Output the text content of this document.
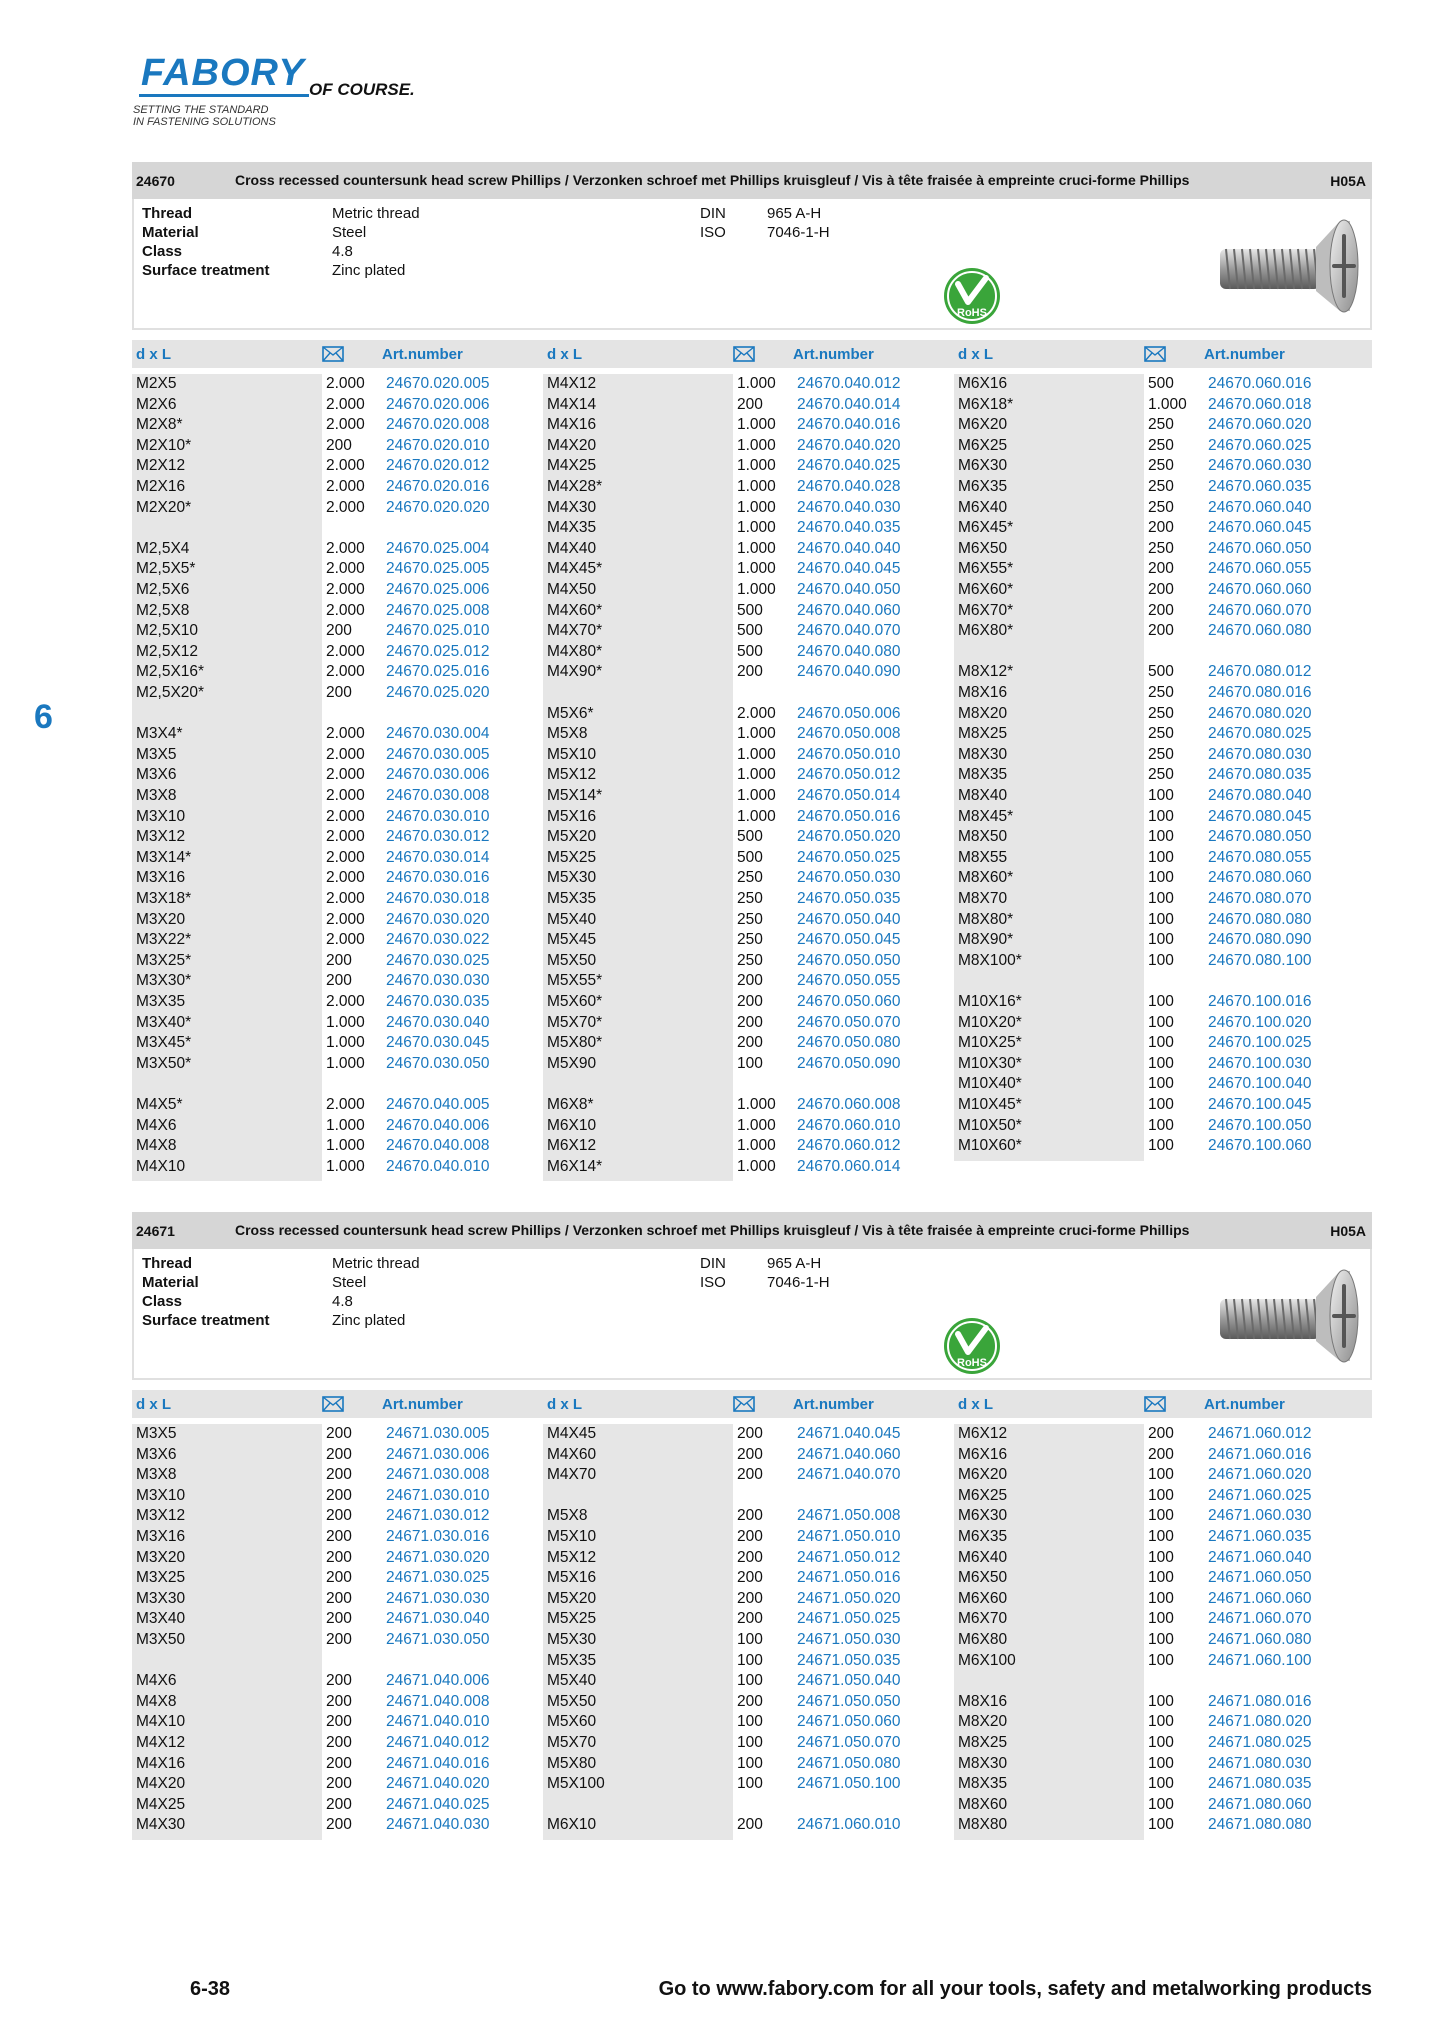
FABORY OF COURSE.
SETTING THE STANDARD
IN FASTENING SOLUTIONS
6
24670	Cross recessed countersunk head screw Phillips / Verzonken schroef met Phillips kruisgleuf / Vis à tête fraisée à empreinte cruci-forme Phillips	H05A
Thread	Metric thread
Material	Steel
Class	4.8
Surface treatment	Zinc plated
DIN	965 A-H
ISO	7046-1-H
RoHS
d x L	Art.number
M2X5	2.000	24670.020.005
M2X6	2.000	24670.020.006
M2X8*	2.000	24670.020.008
M2X10*	200	24670.020.010
M2X12	2.000	24670.020.012
M2X16	2.000	24670.020.016
M2X20*	2.000	24670.020.020
M2,5X4	2.000	24670.025.004
M2,5X5*	2.000	24670.025.005
M2,5X6	2.000	24670.025.006
M2,5X8	2.000	24670.025.008
M2,5X10	200	24670.025.010
M2,5X12	2.000	24670.025.012
M2,5X16*	2.000	24670.025.016
M2,5X20*	200	24670.025.020
M3X4*	2.000	24670.030.004
M3X5	2.000	24670.030.005
M3X6	2.000	24670.030.006
M3X8	2.000	24670.030.008
M3X10	2.000	24670.030.010
M3X12	2.000	24670.030.012
M3X14*	2.000	24670.030.014
M3X16	2.000	24670.030.016
M3X18*	2.000	24670.030.018
M3X20	2.000	24670.030.020
M3X22*	2.000	24670.030.022
M3X25*	200	24670.030.025
M3X30*	200	24670.030.030
M3X35	2.000	24670.030.035
M3X40*	1.000	24670.030.040
M3X45*	1.000	24670.030.045
M3X50*	1.000	24670.030.050
M4X5*	2.000	24670.040.005
M4X6	1.000	24670.040.006
M4X8	1.000	24670.040.008
M4X10	1.000	24670.040.010
d x L	Art.number
M4X12	1.000	24670.040.012
M4X14	200	24670.040.014
M4X16	1.000	24670.040.016
M4X20	1.000	24670.040.020
M4X25	1.000	24670.040.025
M4X28*	1.000	24670.040.028
M4X30	1.000	24670.040.030
M4X35	1.000	24670.040.035
M4X40	1.000	24670.040.040
M4X45*	1.000	24670.040.045
M4X50	1.000	24670.040.050
M4X60*	500	24670.040.060
M4X70*	500	24670.040.070
M4X80*	500	24670.040.080
M4X90*	200	24670.040.090
M5X6*	2.000	24670.050.006
M5X8	1.000	24670.050.008
M5X10	1.000	24670.050.010
M5X12	1.000	24670.050.012
M5X14*	1.000	24670.050.014
M5X16	1.000	24670.050.016
M5X20	500	24670.050.020
M5X25	500	24670.050.025
M5X30	250	24670.050.030
M5X35	250	24670.050.035
M5X40	250	24670.050.040
M5X45	250	24670.050.045
M5X50	250	24670.050.050
M5X55*	200	24670.050.055
M5X60*	200	24670.050.060
M5X70*	200	24670.050.070
M5X80*	200	24670.050.080
M5X90	100	24670.050.090
M6X8*	1.000	24670.060.008
M6X10	1.000	24670.060.010
M6X12	1.000	24670.060.012
M6X14*	1.000	24670.060.014
d x L	Art.number
M6X16	500	24670.060.016
M6X18*	1.000	24670.060.018
M6X20	250	24670.060.020
M6X25	250	24670.060.025
M6X30	250	24670.060.030
M6X35	250	24670.060.035
M6X40	250	24670.060.040
M6X45*	200	24670.060.045
M6X50	250	24670.060.050
M6X55*	200	24670.060.055
M6X60*	200	24670.060.060
M6X70*	200	24670.060.070
M6X80*	200	24670.060.080
M8X12*	500	24670.080.012
M8X16	250	24670.080.016
M8X20	250	24670.080.020
M8X25	250	24670.080.025
M8X30	250	24670.080.030
M8X35	250	24670.080.035
M8X40	100	24670.080.040
M8X45*	100	24670.080.045
M8X50	100	24670.080.050
M8X55	100	24670.080.055
M8X60*	100	24670.080.060
M8X70	100	24670.080.070
M8X80*	100	24670.080.080
M8X90*	100	24670.080.090
M8X100*	100	24670.080.100
M10X16*	100	24670.100.016
M10X20*	100	24670.100.020
M10X25*	100	24670.100.025
M10X30*	100	24670.100.030
M10X40*	100	24670.100.040
M10X45*	100	24670.100.045
M10X50*	100	24670.100.050
M10X60*	100	24670.100.060
24671	Cross recessed countersunk head screw Phillips / Verzonken schroef met Phillips kruisgleuf / Vis à tête fraisée à empreinte cruci-forme Phillips	H05A
Thread	Metric thread
Material	Steel
Class	4.8
Surface treatment	Zinc plated
DIN	965 A-H
ISO	7046-1-H
RoHS
d x L	Art.number
M3X5	200	24671.030.005
M3X6	200	24671.030.006
M3X8	200	24671.030.008
M3X10	200	24671.030.010
M3X12	200	24671.030.012
M3X16	200	24671.030.016
M3X20	200	24671.030.020
M3X25	200	24671.030.025
M3X30	200	24671.030.030
M3X40	200	24671.030.040
M3X50	200	24671.030.050
M4X6	200	24671.040.006
M4X8	200	24671.040.008
M4X10	200	24671.040.010
M4X12	200	24671.040.012
M4X16	200	24671.040.016
M4X20	200	24671.040.020
M4X25	200	24671.040.025
M4X30	200	24671.040.030
d x L	Art.number
M4X45	200	24671.040.045
M4X60	200	24671.040.060
M4X70	200	24671.040.070
M5X8	200	24671.050.008
M5X10	200	24671.050.010
M5X12	200	24671.050.012
M5X16	200	24671.050.016
M5X20	200	24671.050.020
M5X25	200	24671.050.025
M5X30	100	24671.050.030
M5X35	100	24671.050.035
M5X40	100	24671.050.040
M5X50	200	24671.050.050
M5X60	100	24671.050.060
M5X70	100	24671.050.070
M5X80	100	24671.050.080
M5X100	100	24671.050.100
M6X10	200	24671.060.010
d x L	Art.number
M6X12	200	24671.060.012
M6X16	200	24671.060.016
M6X20	100	24671.060.020
M6X25	100	24671.060.025
M6X30	100	24671.060.030
M6X35	100	24671.060.035
M6X40	100	24671.060.040
M6X50	100	24671.060.050
M6X60	100	24671.060.060
M6X70	100	24671.060.070
M6X80	100	24671.060.080
M6X100	100	24671.060.100
M8X16	100	24671.080.016
M8X20	100	24671.080.020
M8X25	100	24671.080.025
M8X30	100	24671.080.030
M8X35	100	24671.080.035
M8X60	100	24671.080.060
M8X80	100	24671.080.080
6-38	Go to www.fabory.com for all your tools, safety and metalworking products
